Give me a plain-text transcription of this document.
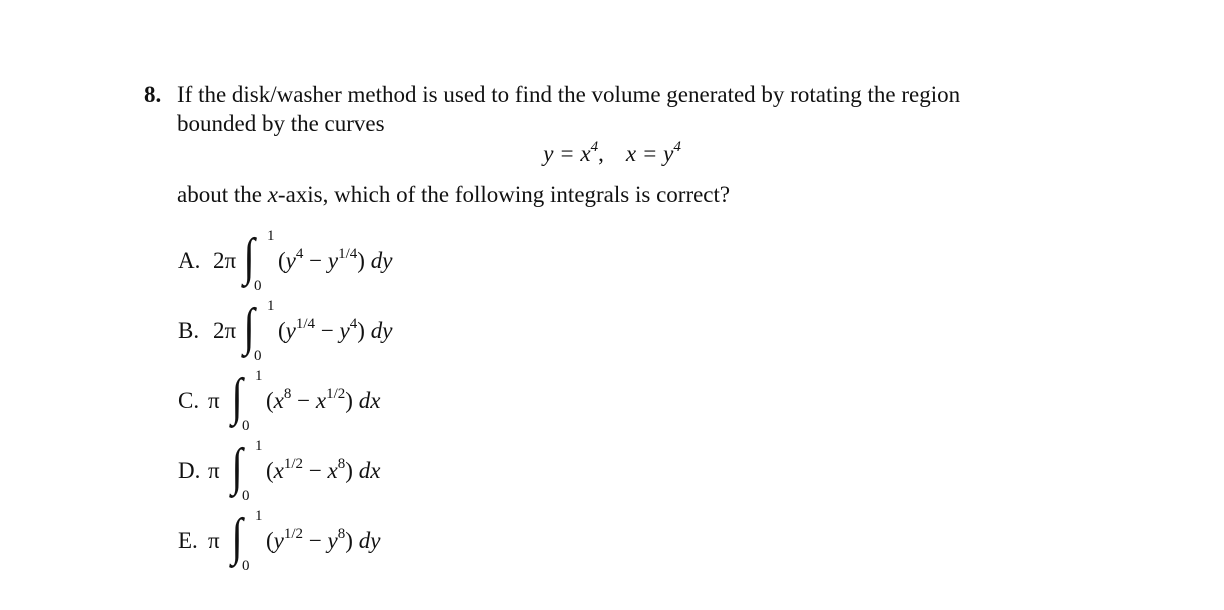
8. If the disk/washer method is used to find the volume generated by rotating the region
bounded by the curves
$y = x^4$, $x = y^4$
about the x-axis, which of the following integrals is correct?
A. 2π ∫ 1
0
$(y^4 - y^{1/4})$ dy
B. 2π ∫ 1
0
$(y^{1/4} - y^4)$ dy
C. π ∫ 1
0
$(x^8 - x^{1/2})$ dx
D. π ∫ 1
0
$(x^{1/2} - x^8)$ dx
E. π ∫ 1
0
$(y^{1/2} - y^8)$ dy
